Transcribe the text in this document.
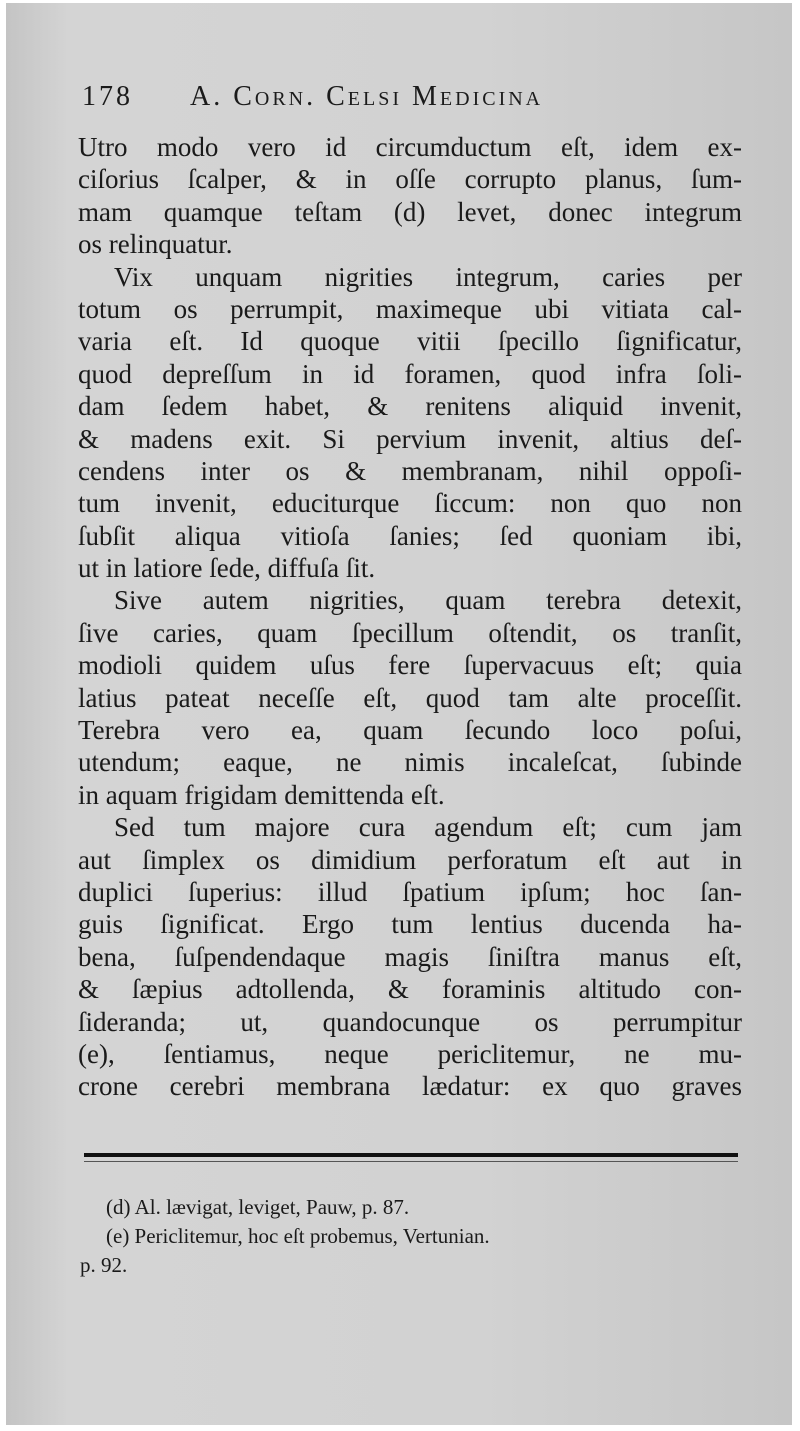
178 A. Corn. Celsi Medicina
Utro modo vero id circumductum eſt, idem ex-
ciſorius ſcalper, & in oſſe corrupto planus, ſum-
mam quamque teſtam (d) levet, donec integrum
os relinquatur.
Vix unquam nigrities integrum, caries per
totum os perrumpit, maximeque ubi vitiata cal-
varia eſt. Id quoque vitii ſpecillo ſignificatur,
quod depreſſum in id foramen, quod infra ſoli-
dam ſedem habet, & renitens aliquid invenit,
& madens exit. Si pervium invenit, altius deſ-
cendens inter os & membranam, nihil oppoſi-
tum invenit, educiturque ſiccum: non quo non
ſubſit aliqua vitioſa ſanies; ſed quoniam ibi,
ut in latiore ſede, diffuſa ſit.
Sive autem nigrities, quam terebra detexit,
ſive caries, quam ſpecillum oſtendit, os tranſit,
modioli quidem uſus fere ſupervacuus eſt; quia
latius pateat neceſſe eſt, quod tam alte proceſſit.
Terebra vero ea, quam ſecundo loco poſui,
utendum; eaque, ne nimis incaleſcat, ſubinde
in aquam frigidam demittenda eſt.
Sed tum majore cura agendum eſt; cum jam
aut ſimplex os dimidium perforatum eſt aut in
duplici ſuperius: illud ſpatium ipſum; hoc ſan-
guis ſignificat. Ergo tum lentius ducenda ha-
bena, ſuſpendendaque magis ſiniſtra manus eſt,
& ſæpius adtollenda, & foraminis altitudo con-
ſideranda; ut, quandocunque os perrumpitur
(e), ſentiamus, neque periclitemur, ne mu-
crone cerebri membrana lædatur: ex quo graves
(d) Al. lævigat, leviget, Pauw, p. 87.
(e) Periclitemur, hoc eſt probemus, Vertunian.
p. 92.
